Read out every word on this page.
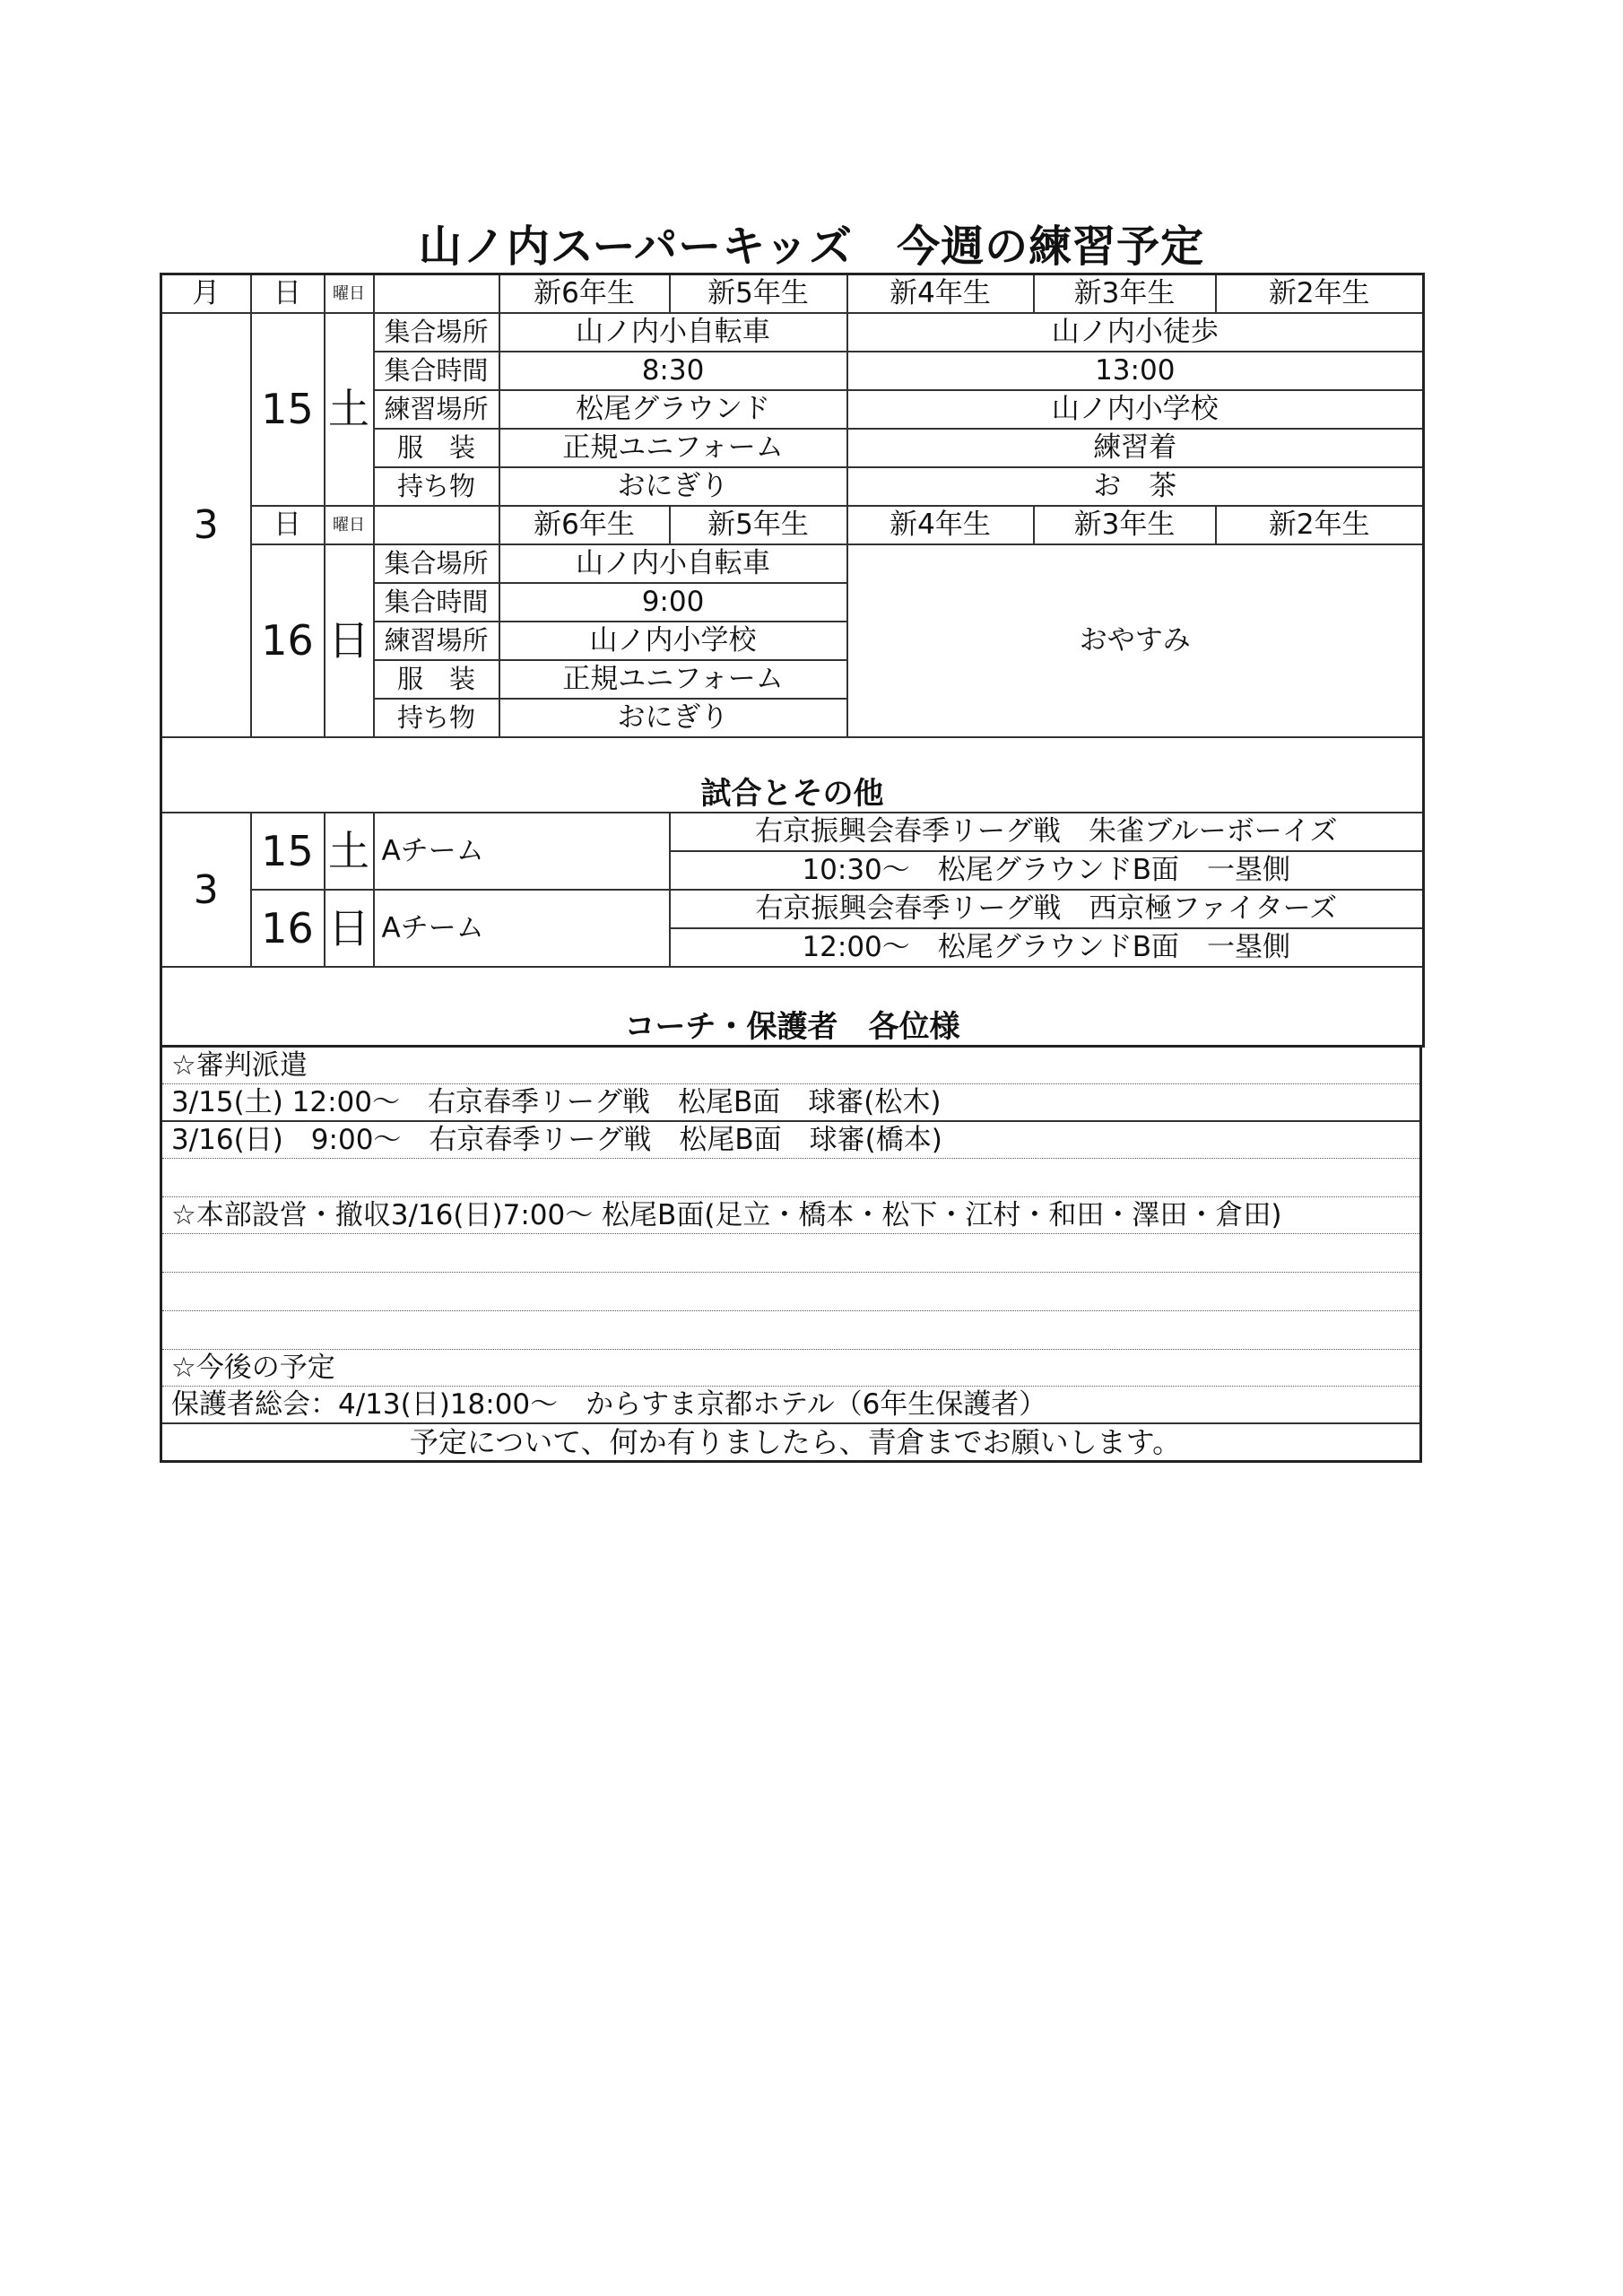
山ノ内スーパーキッズ　今週の練習予定
月	日	曜日		新6年生	新5年生	新4年生	新3年生	新2年生
3	15	土	集合場所	山ノ内小自転車		山ノ内小徒歩		
			集合時間	8:30		13:00		
			練習場所	松尾グラウンド		山ノ内小学校		
			服　装	正規ユニフォーム		練習着		
			持ち物	おにぎり		お　茶		
	日	曜日		新6年生	新5年生	新4年生	新3年生	新2年生
	16	日	集合場所	山ノ内小自転車		おやすみ		
			集合時間	9:00				
			練習場所	山ノ内小学校				
			服　装	正規ユニフォーム				
			持ち物	おにぎり				
試合とその他								
3	15	土	Aチーム		右京振興会春季リーグ戦　朱雀ブルーボーイズ			
					10:30～　松尾グラウンドB面　一塁側			
	16	日	Aチーム		右京振興会春季リーグ戦　西京極ファイターズ			
					12:00～　松尾グラウンドB面　一塁側			
コーチ・保護者　各位様								
☆審判派遣
3/15(土) 12:00～　右京春季リーグ戦　松尾B面　球審(松木)
3/16(日)　9:00～　右京春季リーグ戦　松尾B面　球審(橋本)
☆本部設営・撤収3/16(日)7:00～ 松尾B面(足立・橋本・松下・江村・和田・澤田・倉田)
☆今後の予定
保護者総会：4/13(日)18:00～　からすま京都ホテル（6年生保護者）
予定について、何か有りましたら、青倉までお願いします。
